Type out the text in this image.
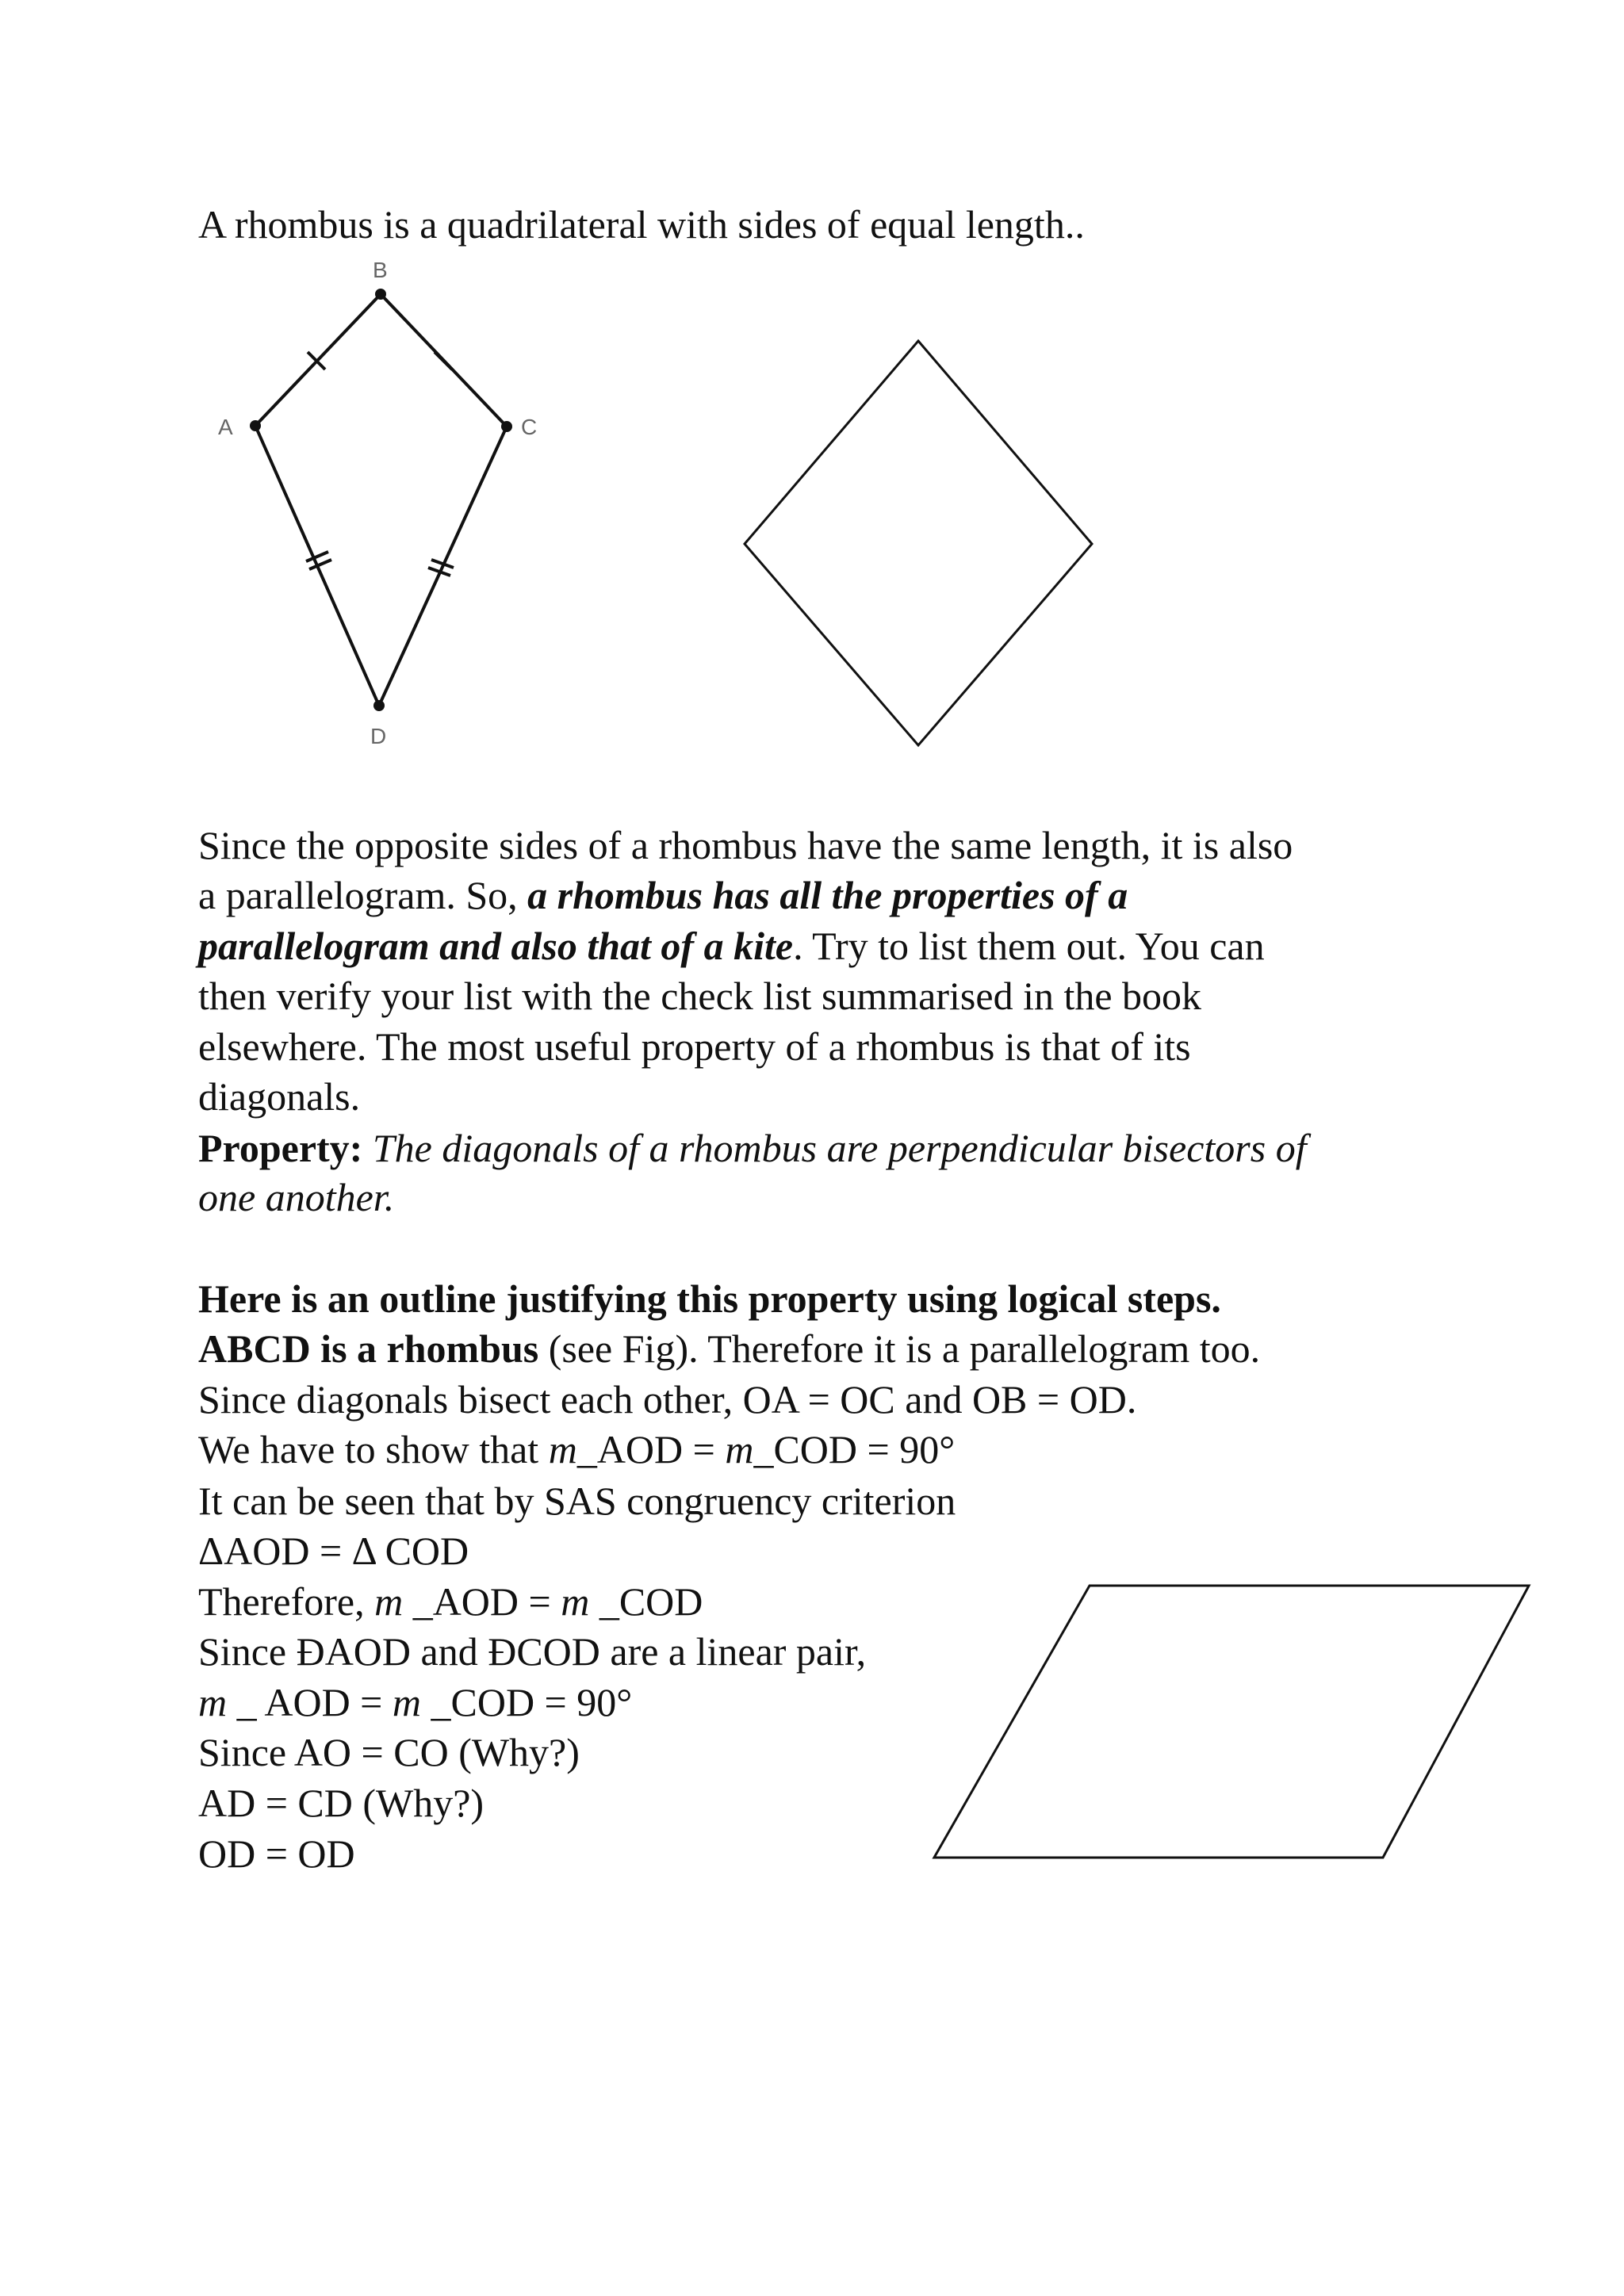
A rhombus is a quadrilateral with sides of equal length..
B
A	C
D
Since the opposite sides of a rhombus have the same length, it is also
a parallelogram. So, a rhombus has all the properties of a
parallelogram and also that of a kite. Try to list them out. You can
then verify your list with the check list summarised in the book
elsewhere. The most useful property of a rhombus is that of its
diagonals.
Property: The diagonals of a rhombus are perpendicular bisectors of
one another.
Here is an outline justifying this property using logical steps.
ABCD is a rhombus (see Fig). Therefore it is a parallelogram too.
Since diagonals bisect each other, OA = OC and OB = OD.
We have to show that m_AOD = m_COD = 90°
It can be seen that by SAS congruency criterion
ΔAOD = Δ COD
Therefore, m _AOD = m _COD
Since ĐAOD and ĐCOD are a linear pair,
m _ AOD = m _COD = 90°
Since AO = CO (Why?)
AD = CD (Why?)
OD = OD
